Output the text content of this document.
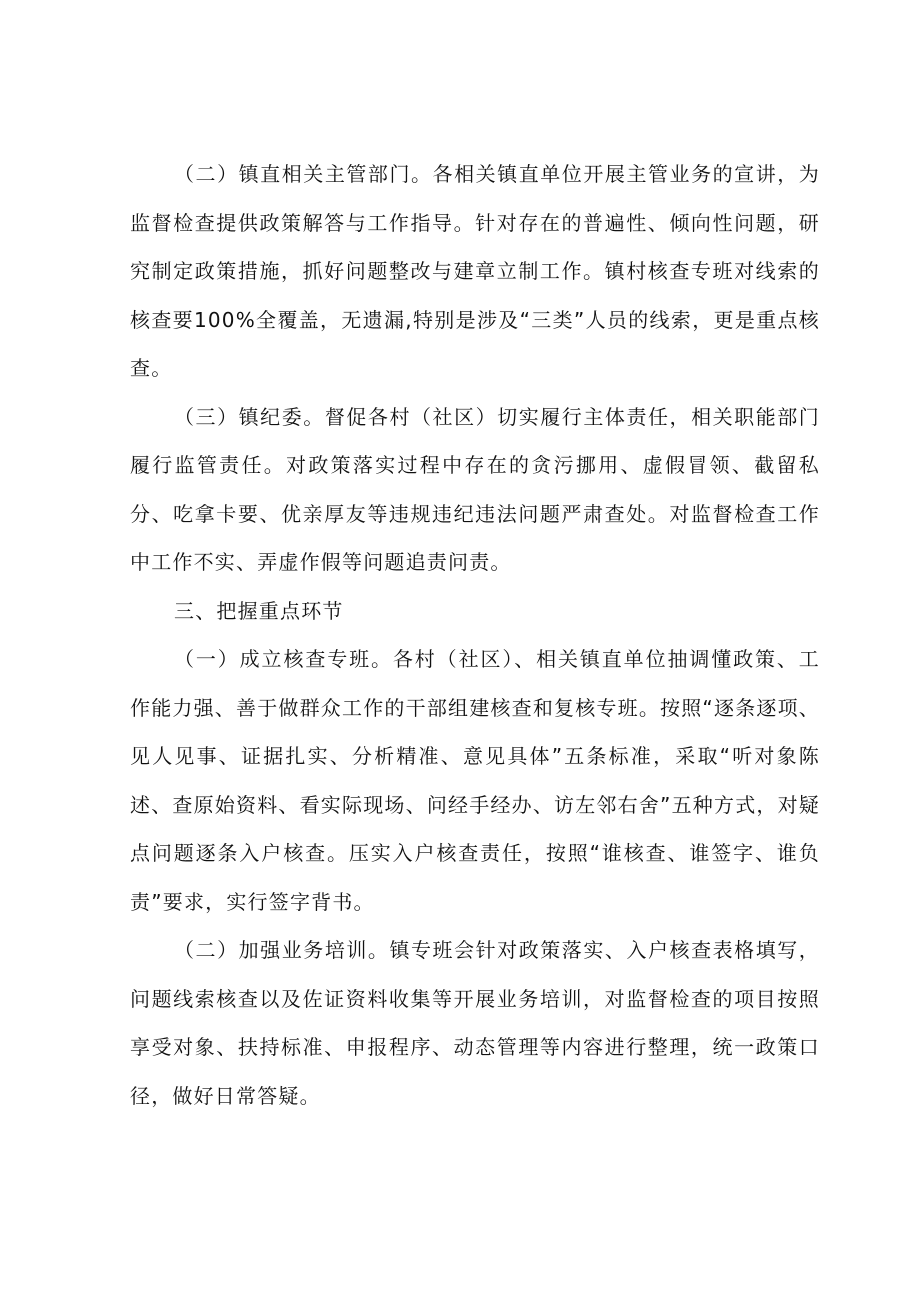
（二）镇直相关主管部门。各相关镇直单位开展主管业务的宣讲，为监督检查提供政策解答与工作指导。针对存在的普遍性、倾向性问题，研究制定政策措施，抓好问题整改与建章立制工作。镇村核查专班对线索的核查要100%全覆盖，无遗漏,特别是涉及“三类”人员的线索，更是重点核查。

（三）镇纪委。督促各村（社区）切实履行主体责任，相关职能部门履行监管责任。对政策落实过程中存在的贪污挪用、虚假冒领、截留私分、吃拿卡要、优亲厚友等违规违纪违法问题严肃查处。对监督检查工作中工作不实、弄虚作假等问题追责问责。

三、把握重点环节

（一）成立核查专班。各村（社区）、相关镇直单位抽调懂政策、工作能力强、善于做群众工作的干部组建核查和复核专班。按照“逐条逐项、见人见事、证据扎实、分析精准、意见具体”五条标准，采取“听对象陈述、查原始资料、看实际现场、问经手经办、访左邻右舍”五种方式，对疑点问题逐条入户核查。压实入户核查责任，按照“谁核查、谁签字、谁负责”要求，实行签字背书。

（二）加强业务培训。镇专班会针对政策落实、入户核查表格填写，问题线索核查以及佐证资料收集等开展业务培训，对监督检查的项目按照享受对象、扶持标准、申报程序、动态管理等内容进行整理，统一政策口径，做好日常答疑。
